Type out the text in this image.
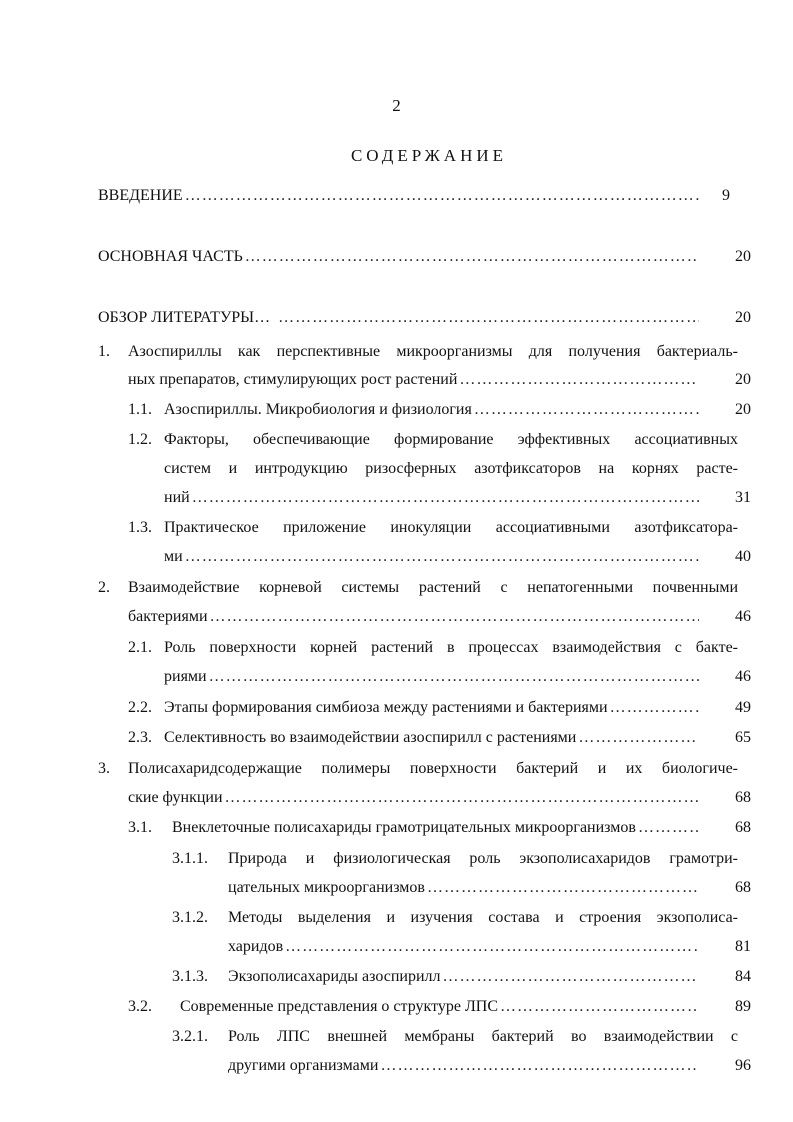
2
СОДЕРЖАНИЕ
ВВЕДЕНИЕ …………………………………………………………………………………………………………………………………………	9
ОСНОВНАЯ ЧАСТЬ …………………………………………………………………………………………………………………………………………	20
ОБЗОР ЛИТЕРАТУРЫ… …………………………………………………………………………………………………………………………………………	20
1. Азоспириллы как перспективные микроорганизмы для получения бактериаль-
ных препаратов, стимулирующих рост растений …………………………………………………………………………………………………………………………………………	20
1.1. Азоспириллы. Микробиология и физиология …………………………………………………………………………………………………………………………………………	20
1.2. Факторы, обеспечивающие формирование эффективных ассоциативных
систем и интродукцию ризосферных азотфиксаторов на корнях расте-
ний …………………………………………………………………………………………………………………………………………	31
1.3. Практическое приложение инокуляции ассоциативными азотфиксатора-
ми …………………………………………………………………………………………………………………………………………	40
2. Взаимодействие корневой системы растений с непатогенными почвенными
бактериями …………………………………………………………………………………………………………………………………………	46
2.1. Роль поверхности корней растений в процессах взаимодействия с бакте-
риями …………………………………………………………………………………………………………………………………………	46
2.2. Этапы формирования симбиоза между растениями и бактериями …………………………………………………………………………………………………………………………………………	49
2.3. Селективность во взаимодействии азоспирилл с растениями …………………………………………………………………………………………………………………………………………	65
3. Полисахаридсодержащие полимеры поверхности бактерий и их биологиче-
ские функции …………………………………………………………………………………………………………………………………………	68
3.1. Внеклеточные полисахариды грамотрицательных микроорганизмов …………………………………………………………………………………………………………………………………………	68
3.1.1. Природа и физиологическая роль экзополисахаридов грамотри-
цательных микроорганизмов …………………………………………………………………………………………………………………………………………	68
3.1.2. Методы выделения и изучения состава и строения экзополиса-
харидов …………………………………………………………………………………………………………………………………………	81
3.1.3. Экзополисахариды азоспирилл …………………………………………………………………………………………………………………………………………	84
3.2. Современные представления о структуре ЛПС …………………………………………………………………………………………………………………………………………	89
3.2.1. Роль ЛПС внешней мембраны бактерий во взаимодействии с
другими организмами …………………………………………………………………………………………………………………………………………	96
